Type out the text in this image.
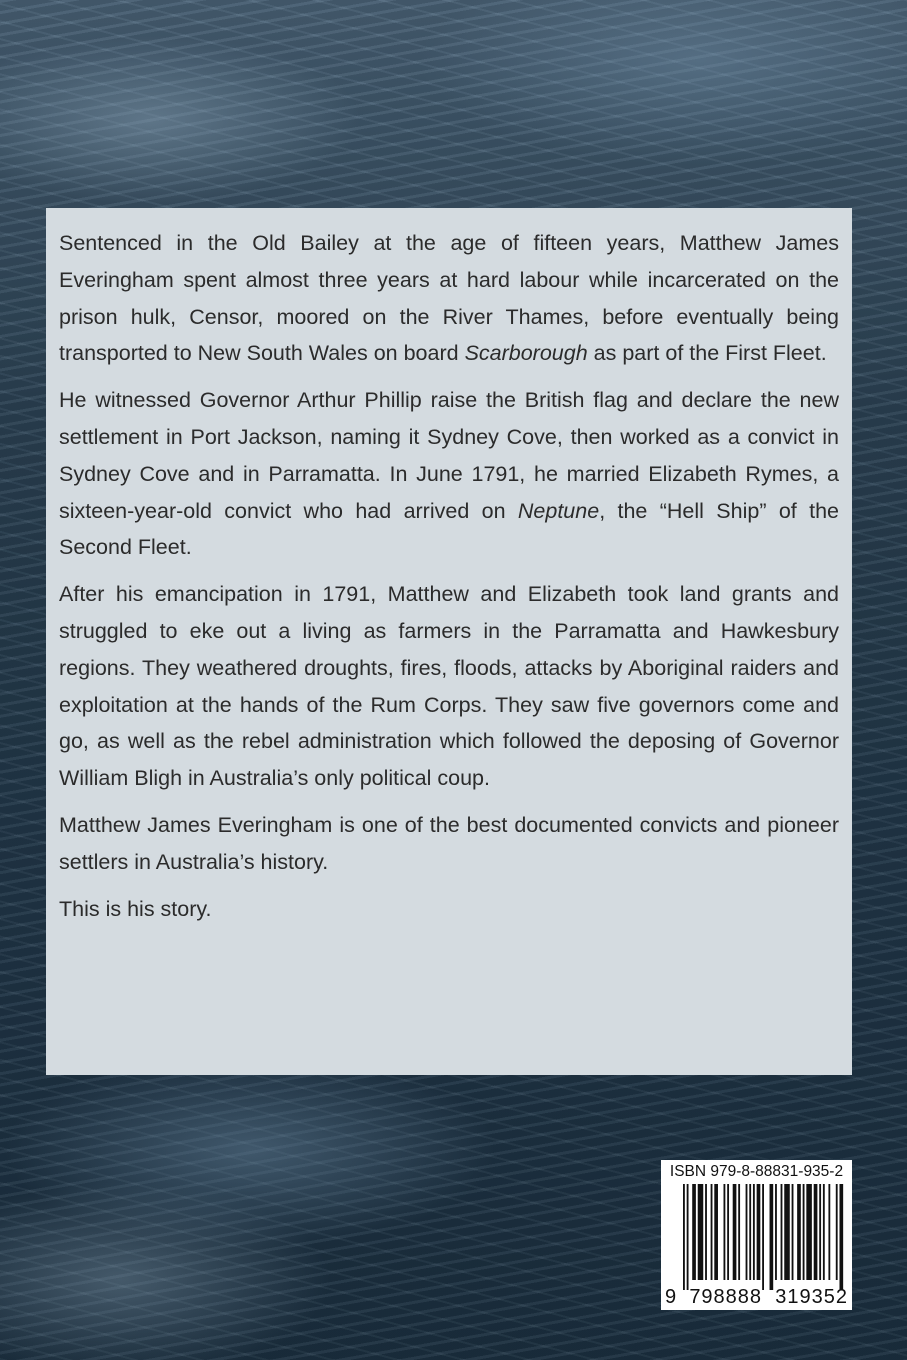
Sentenced in the Old Bailey at the age of fifteen years, Matthew James Everingham spent almost three years at hard labour while incarcerated on the prison hulk, Censor, moored on the River Thames, before eventually being transported to New South Wales on board Scarborough as part of the First Fleet.

He witnessed Governor Arthur Phillip raise the British flag and declare the new settlement in Port Jackson, naming it Sydney Cove, then worked as a convict in Sydney Cove and in Parramatta. In June 1791, he married Elizabeth Rymes, a sixteen-year-old convict who had arrived on Neptune, the “Hell Ship” of the Second Fleet.

After his emancipation in 1791, Matthew and Elizabeth took land grants and struggled to eke out a living as farmers in the Parramatta and Hawkesbury regions. They weathered droughts, fires, floods, attacks by Aboriginal raiders and exploitation at the hands of the Rum Corps. They saw five governors come and go, as well as the rebel administration which followed the deposing of Governor William Bligh in Australia’s only political coup.

Matthew James Everingham is one of the best documented convicts and pioneer settlers in Australia’s history.

This is his story.

ISBN 979-8-88831-935-2
9 798888 319352
